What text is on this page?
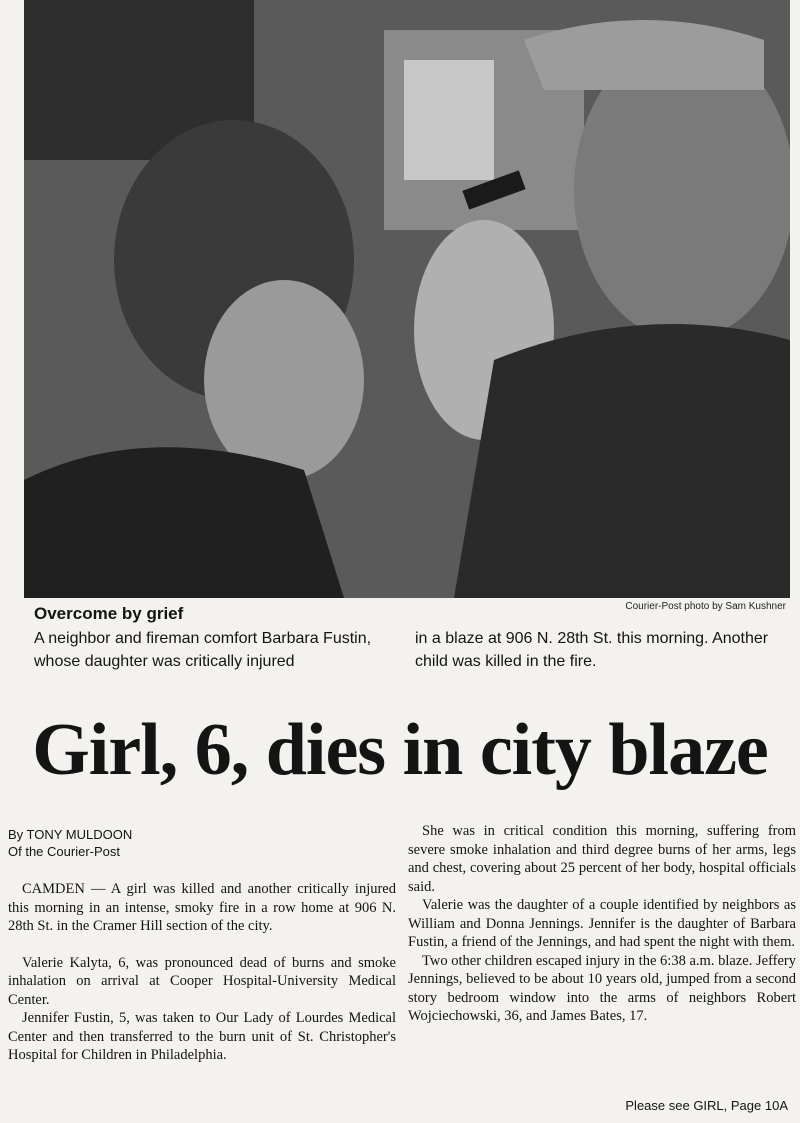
Courier-Post photo by Sam Kushner
Overcome by grief
A neighbor and fireman comfort Barbara Fustin, whose daughter was critically injured
in a blaze at 906 N. 28th St. this morning. Another child was killed in the fire.
Girl, 6, dies in city blaze
By TONY MULDOON
Of the Courier-Post

CAMDEN — A girl was killed and another critically injured this morning in an intense, smoky fire in a row home at 906 N. 28th St. in the Cramer Hill section of the city.

Valerie Kalyta, 6, was pronounced dead of burns and smoke inhalation on arrival at Cooper Hospital-University Medical Center.

Jennifer Fustin, 5, was taken to Our Lady of Lourdes Medical Center and then transferred to the burn unit of St. Christopher's Hospital for Children in Philadelphia.

She was in critical condition this morning, suffering from severe smoke inhalation and third degree burns of her arms, legs and chest, covering about 25 percent of her body, hospital officials said.

Valerie was the daughter of a couple identified by neighbors as William and Donna Jennings. Jennifer is the daughter of Barbara Fustin, a friend of the Jennings, and had spent the night with them.

Two other children escaped injury in the 6:38 a.m. blaze. Jeffery Jennings, believed to be about 10 years old, jumped from a second story bedroom window into the arms of neighbors Robert Wojciechowski, 36, and James Bates, 17.

Please see GIRL, Page 10A
